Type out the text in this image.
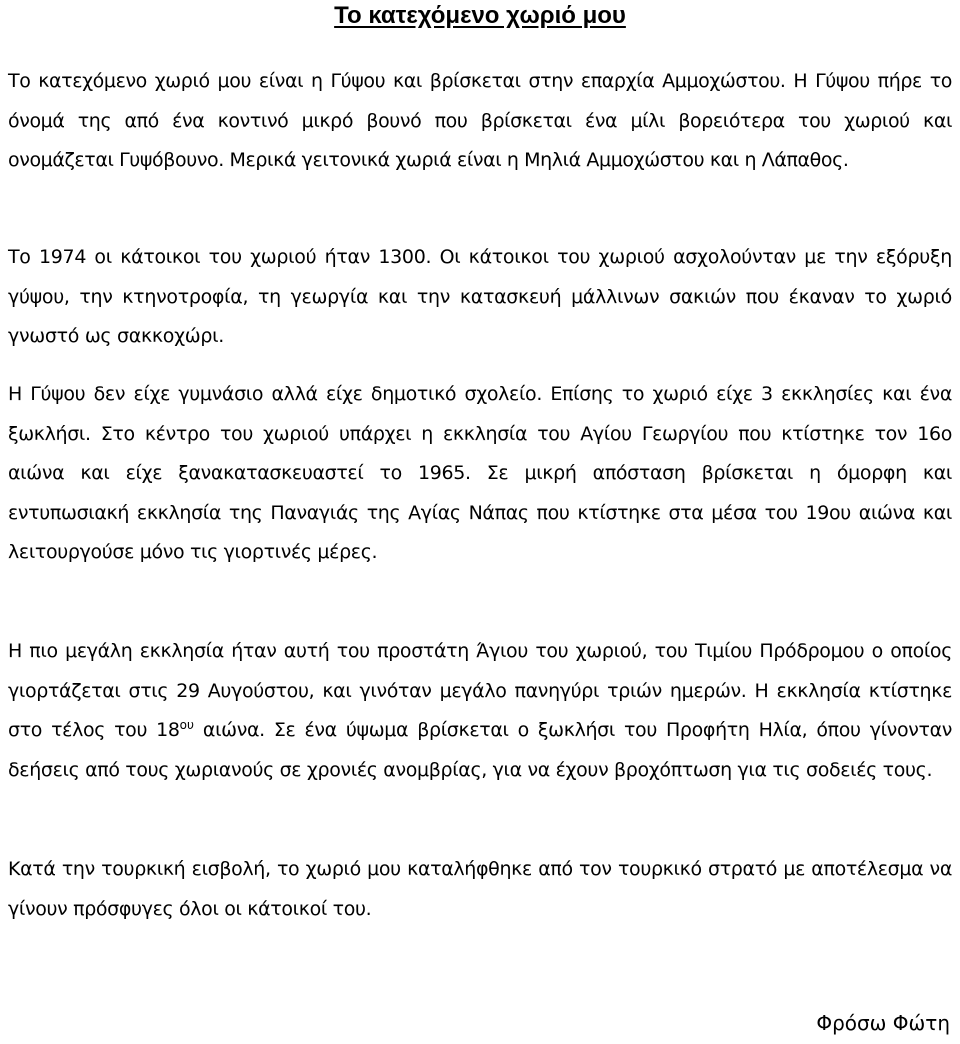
Το κατεχόμενο χωριό μου

Το κατεχόμενο χωριό μου είναι η Γύψου και βρίσκεται στην επαρχία Αμμοχώστου. Η Γύψου πήρε το όνομά της από ένα κοντινό μικρό βουνό που βρίσκεται ένα μίλι βορειότερα του χωριού και ονομάζεται Γυψόβουνο. Μερικά γειτονικά χωριά είναι η Μηλιά Αμμοχώστου και η Λάπαθος.

Το 1974 οι κάτοικοι του χωριού ήταν 1300. Οι κάτοικοι του χωριού ασχολούνταν με την εξόρυξη γύψου, την κτηνοτροφία, τη γεωργία και την κατασκευή μάλλινων σακιών που έκαναν το χωριό γνωστό ως σακκοχώρι.

Η Γύψου δεν είχε γυμνάσιο αλλά είχε δημοτικό σχολείο. Επίσης το χωριό είχε 3 εκκλησίες και ένα ξωκλήσι. Στο κέντρο του χωριού υπάρχει η εκκλησία του Αγίου Γεωργίου που κτίστηκε τον 16ο αιώνα και είχε ξανακατασκευαστεί το 1965. Σε μικρή απόσταση βρίσκεται η όμορφη και εντυπωσιακή εκκλησία της Παναγιάς της Αγίας Νάπας που κτίστηκε στα μέσα του 19ου αιώνα και λειτουργούσε μόνο τις γιορτινές μέρες.

Η πιο μεγάλη εκκλησία ήταν αυτή του προστάτη Άγιου του χωριού, του Τιμίου Πρόδρομου ο οποίος γιορτάζεται στις 29 Αυγούστου, και γινόταν μεγάλο πανηγύρι τριών ημερών. Η εκκλησία κτίστηκε στο τέλος του $18^{o\upsilon}$ αιώνα. Σε ένα ύψωμα βρίσκεται ο ξωκλήσι του Προφήτη Ηλία, όπου γίνονταν δεήσεις από τους χωριανούς σε χρονιές ανομβρίας, για να έχουν βροχόπτωση για τις σοδειές τους.

Κατά την τουρκική εισβολή, το χωριό μου καταλήφθηκε από τον τουρκικό στρατό με αποτέλεσμα να γίνουν πρόσφυγες όλοι οι κάτοικοί του.

Φρόσω Φώτη
